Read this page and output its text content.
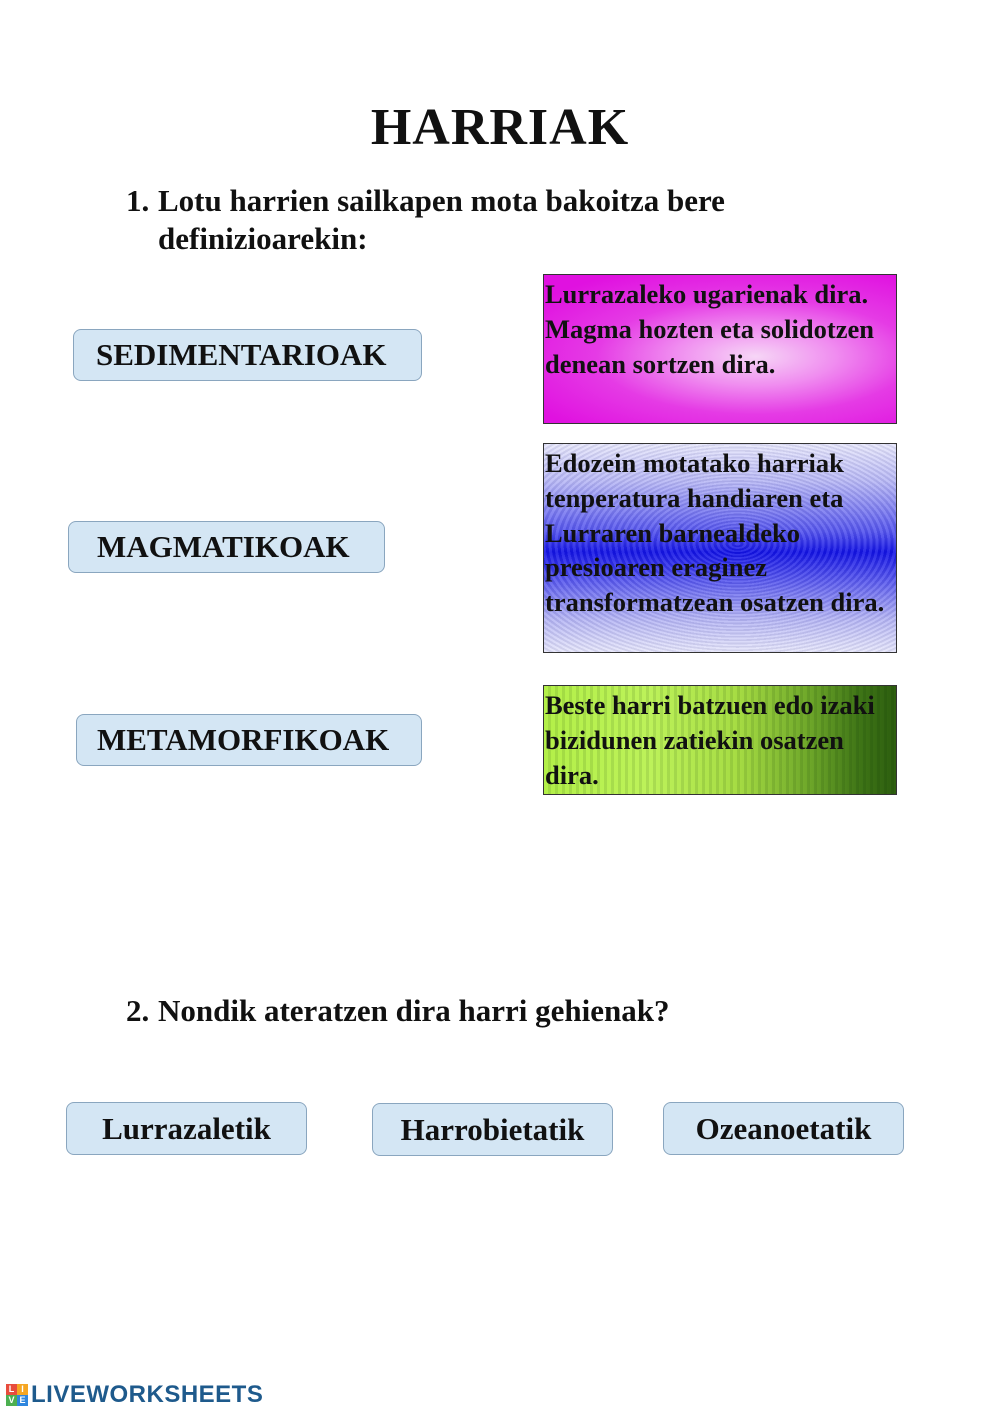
HARRIAK
1. Lotu harrien sailkapen mota bakoitza bere definizioarekin:
SEDIMENTARIOAK
MAGMATIKOAK
METAMORFIKOAK
Lurrazaleko ugarienak dira. Magma hozten eta solidotzen denean sortzen dira.
Edozein motatako harriak tenperatura handiaren eta Lurraren barnealdeko presioaren eraginez transformatzean osatzen dira.
Beste harri batzuen edo izaki bizidunen zatiekin osatzen dira.
2. Nondik ateratzen dira harri gehienak?
Lurrazaletik	Harrobietatik	Ozeanoetatik
L I
V E LIVEWORKSHEETS
